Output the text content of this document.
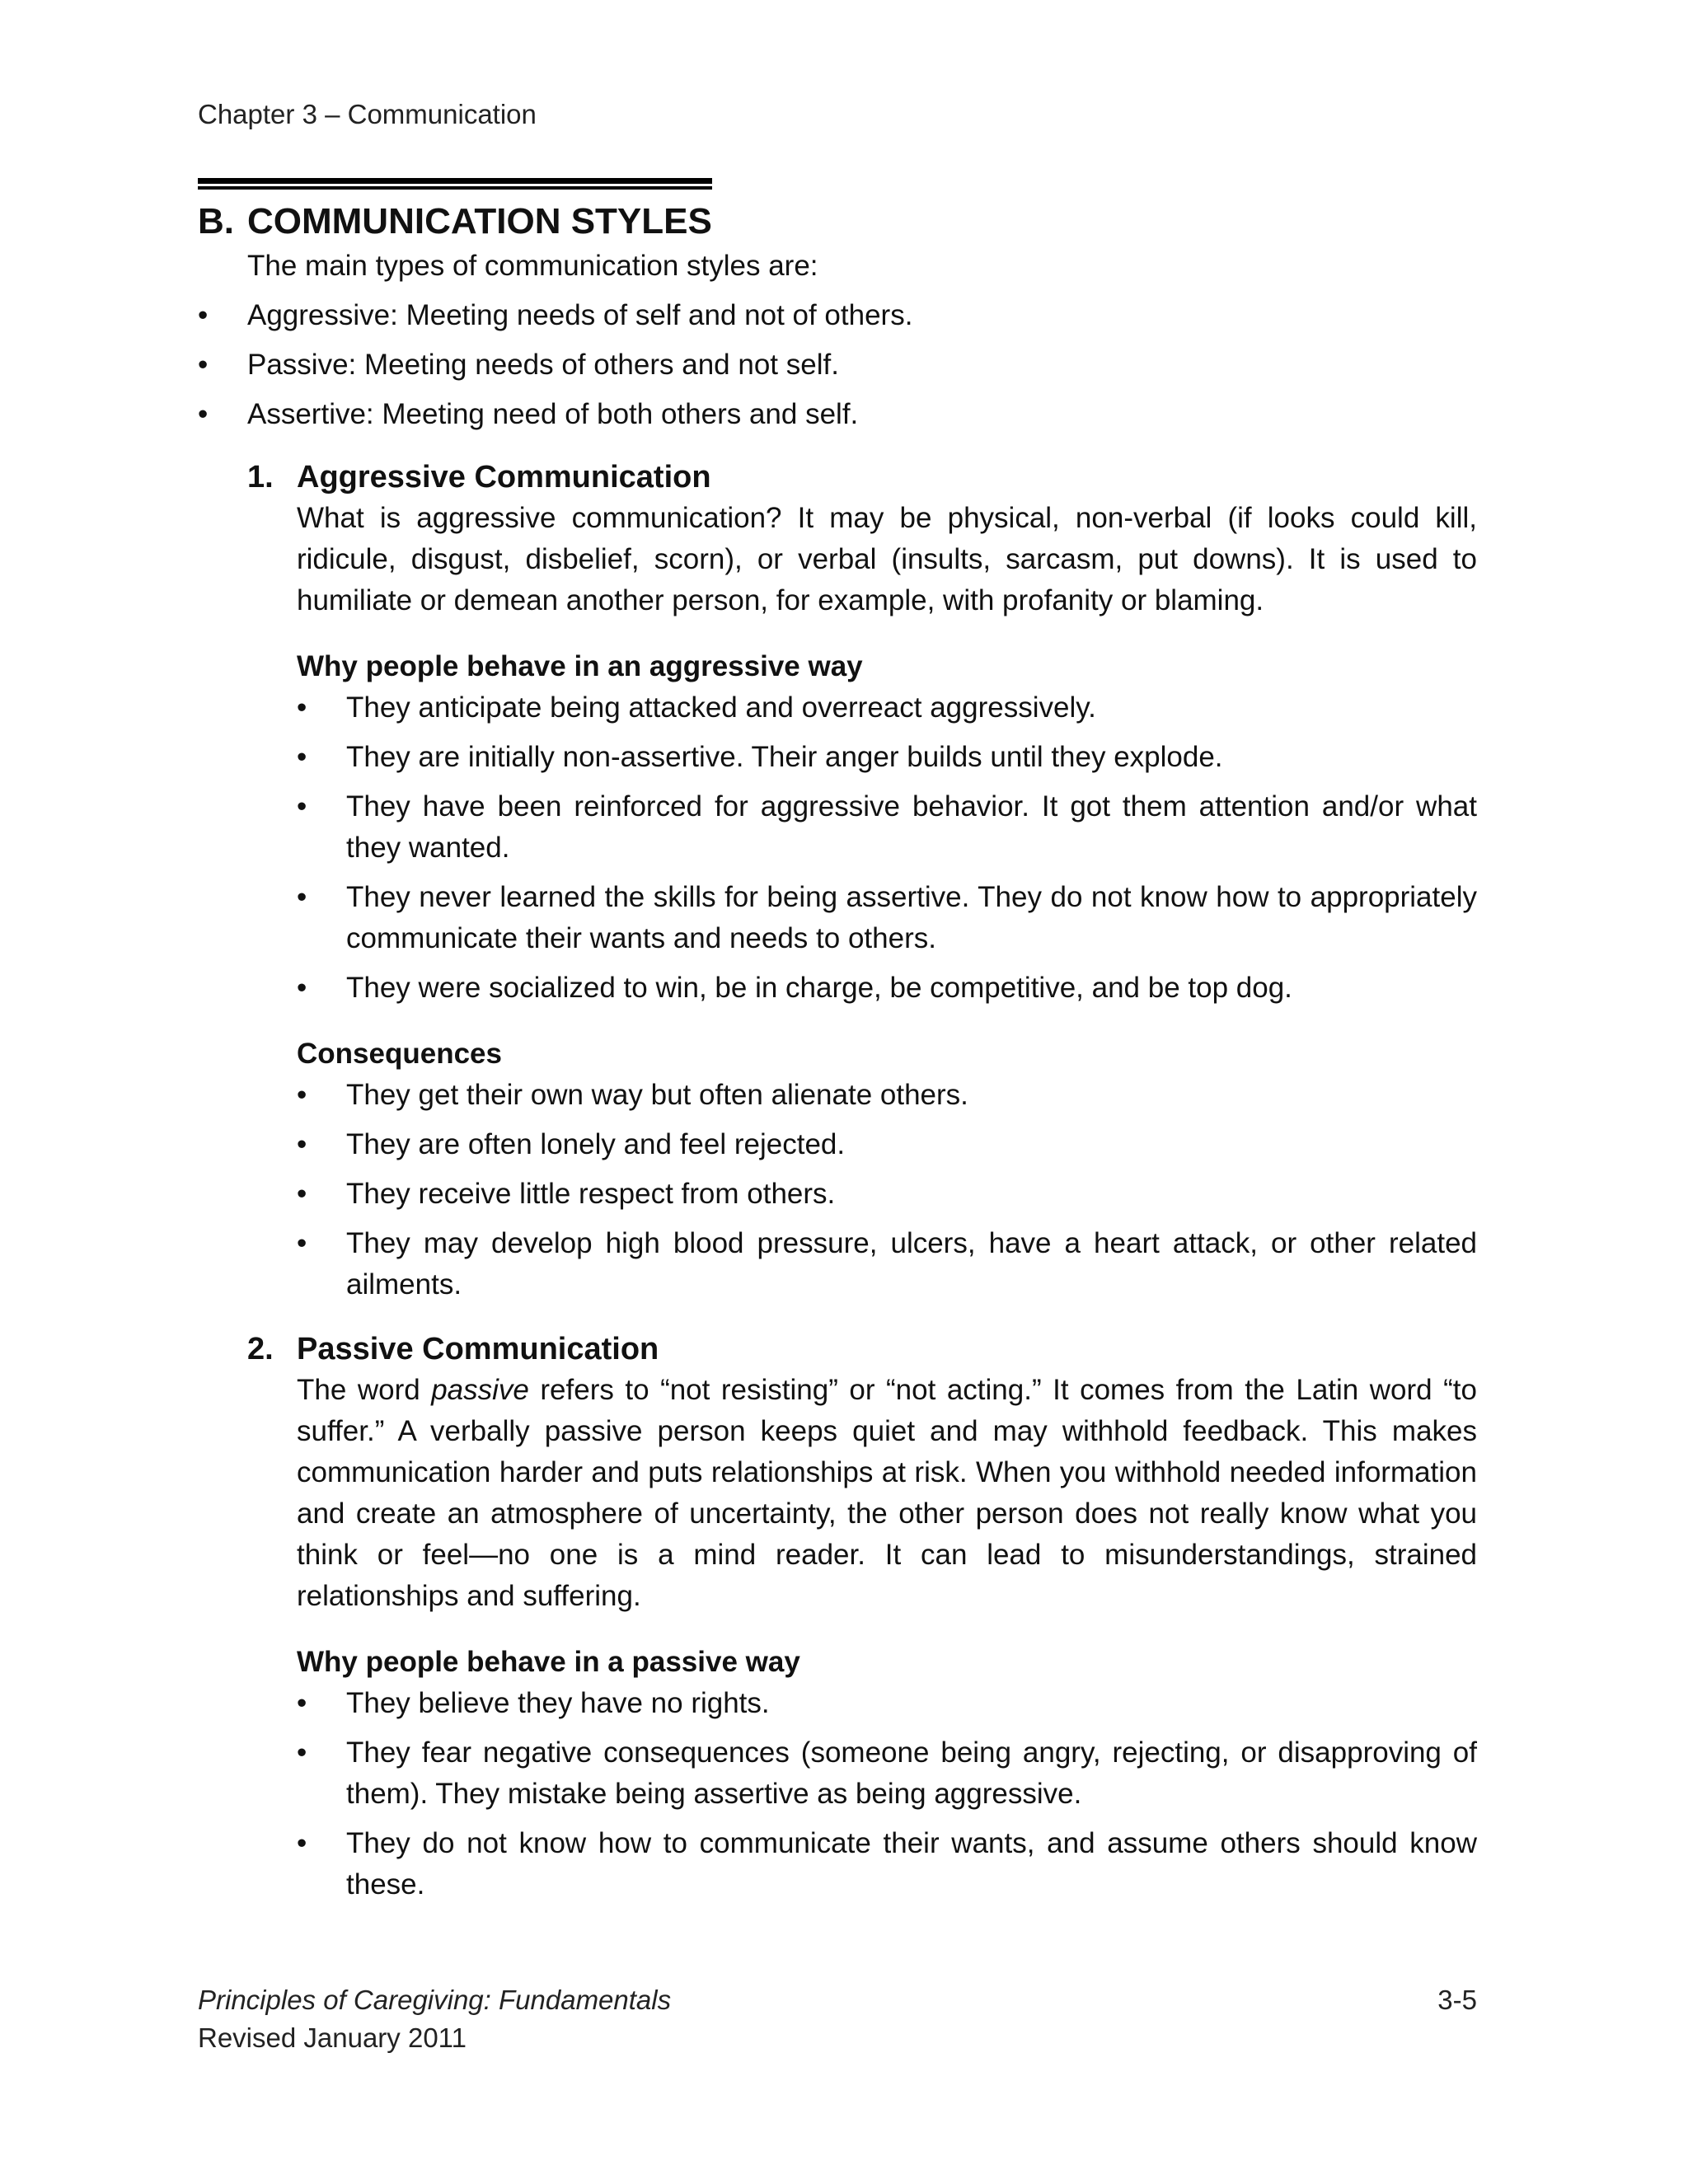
Chapter 3 – Communication
B. COMMUNICATION STYLES
The main types of communication styles are:
•	Aggressive: Meeting needs of self and not of others.
•	Passive: Meeting needs of others and not self.
•	Assertive: Meeting need of both others and self.
1. Aggressive Communication
What is aggressive communication? It may be physical, non-verbal (if looks could kill, ridicule, disgust, disbelief, scorn), or verbal (insults, sarcasm, put downs). It is used to humiliate or demean another person, for example, with profanity or blaming.
Why people behave in an aggressive way
•	They anticipate being attacked and overreact aggressively.
•	They are initially non-assertive. Their anger builds until they explode.
•	They have been reinforced for aggressive behavior. It got them attention and/or what they wanted.
•	They never learned the skills for being assertive. They do not know how to appropriately communicate their wants and needs to others.
•	They were socialized to win, be in charge, be competitive, and be top dog.
Consequences
•	They get their own way but often alienate others.
•	They are often lonely and feel rejected.
•	They receive little respect from others.
•	They may develop high blood pressure, ulcers, have a heart attack, or other related ailments.
2. Passive Communication
The word passive refers to “not resisting” or “not acting.” It comes from the Latin word “to suffer.” A verbally passive person keeps quiet and may withhold feedback. This makes communication harder and puts relationships at risk. When you withhold needed information and create an atmosphere of uncertainty, the other person does not really know what you think or feel—no one is a mind reader. It can lead to misunderstandings, strained relationships and suffering.
Why people behave in a passive way
•	They believe they have no rights.
•	They fear negative consequences (someone being angry, rejecting, or disapproving of them). They mistake being assertive as being aggressive.
•	They do not know how to communicate their wants, and assume others should know these.
Principles of Caregiving: Fundamentals
Revised January 2011
3-5
